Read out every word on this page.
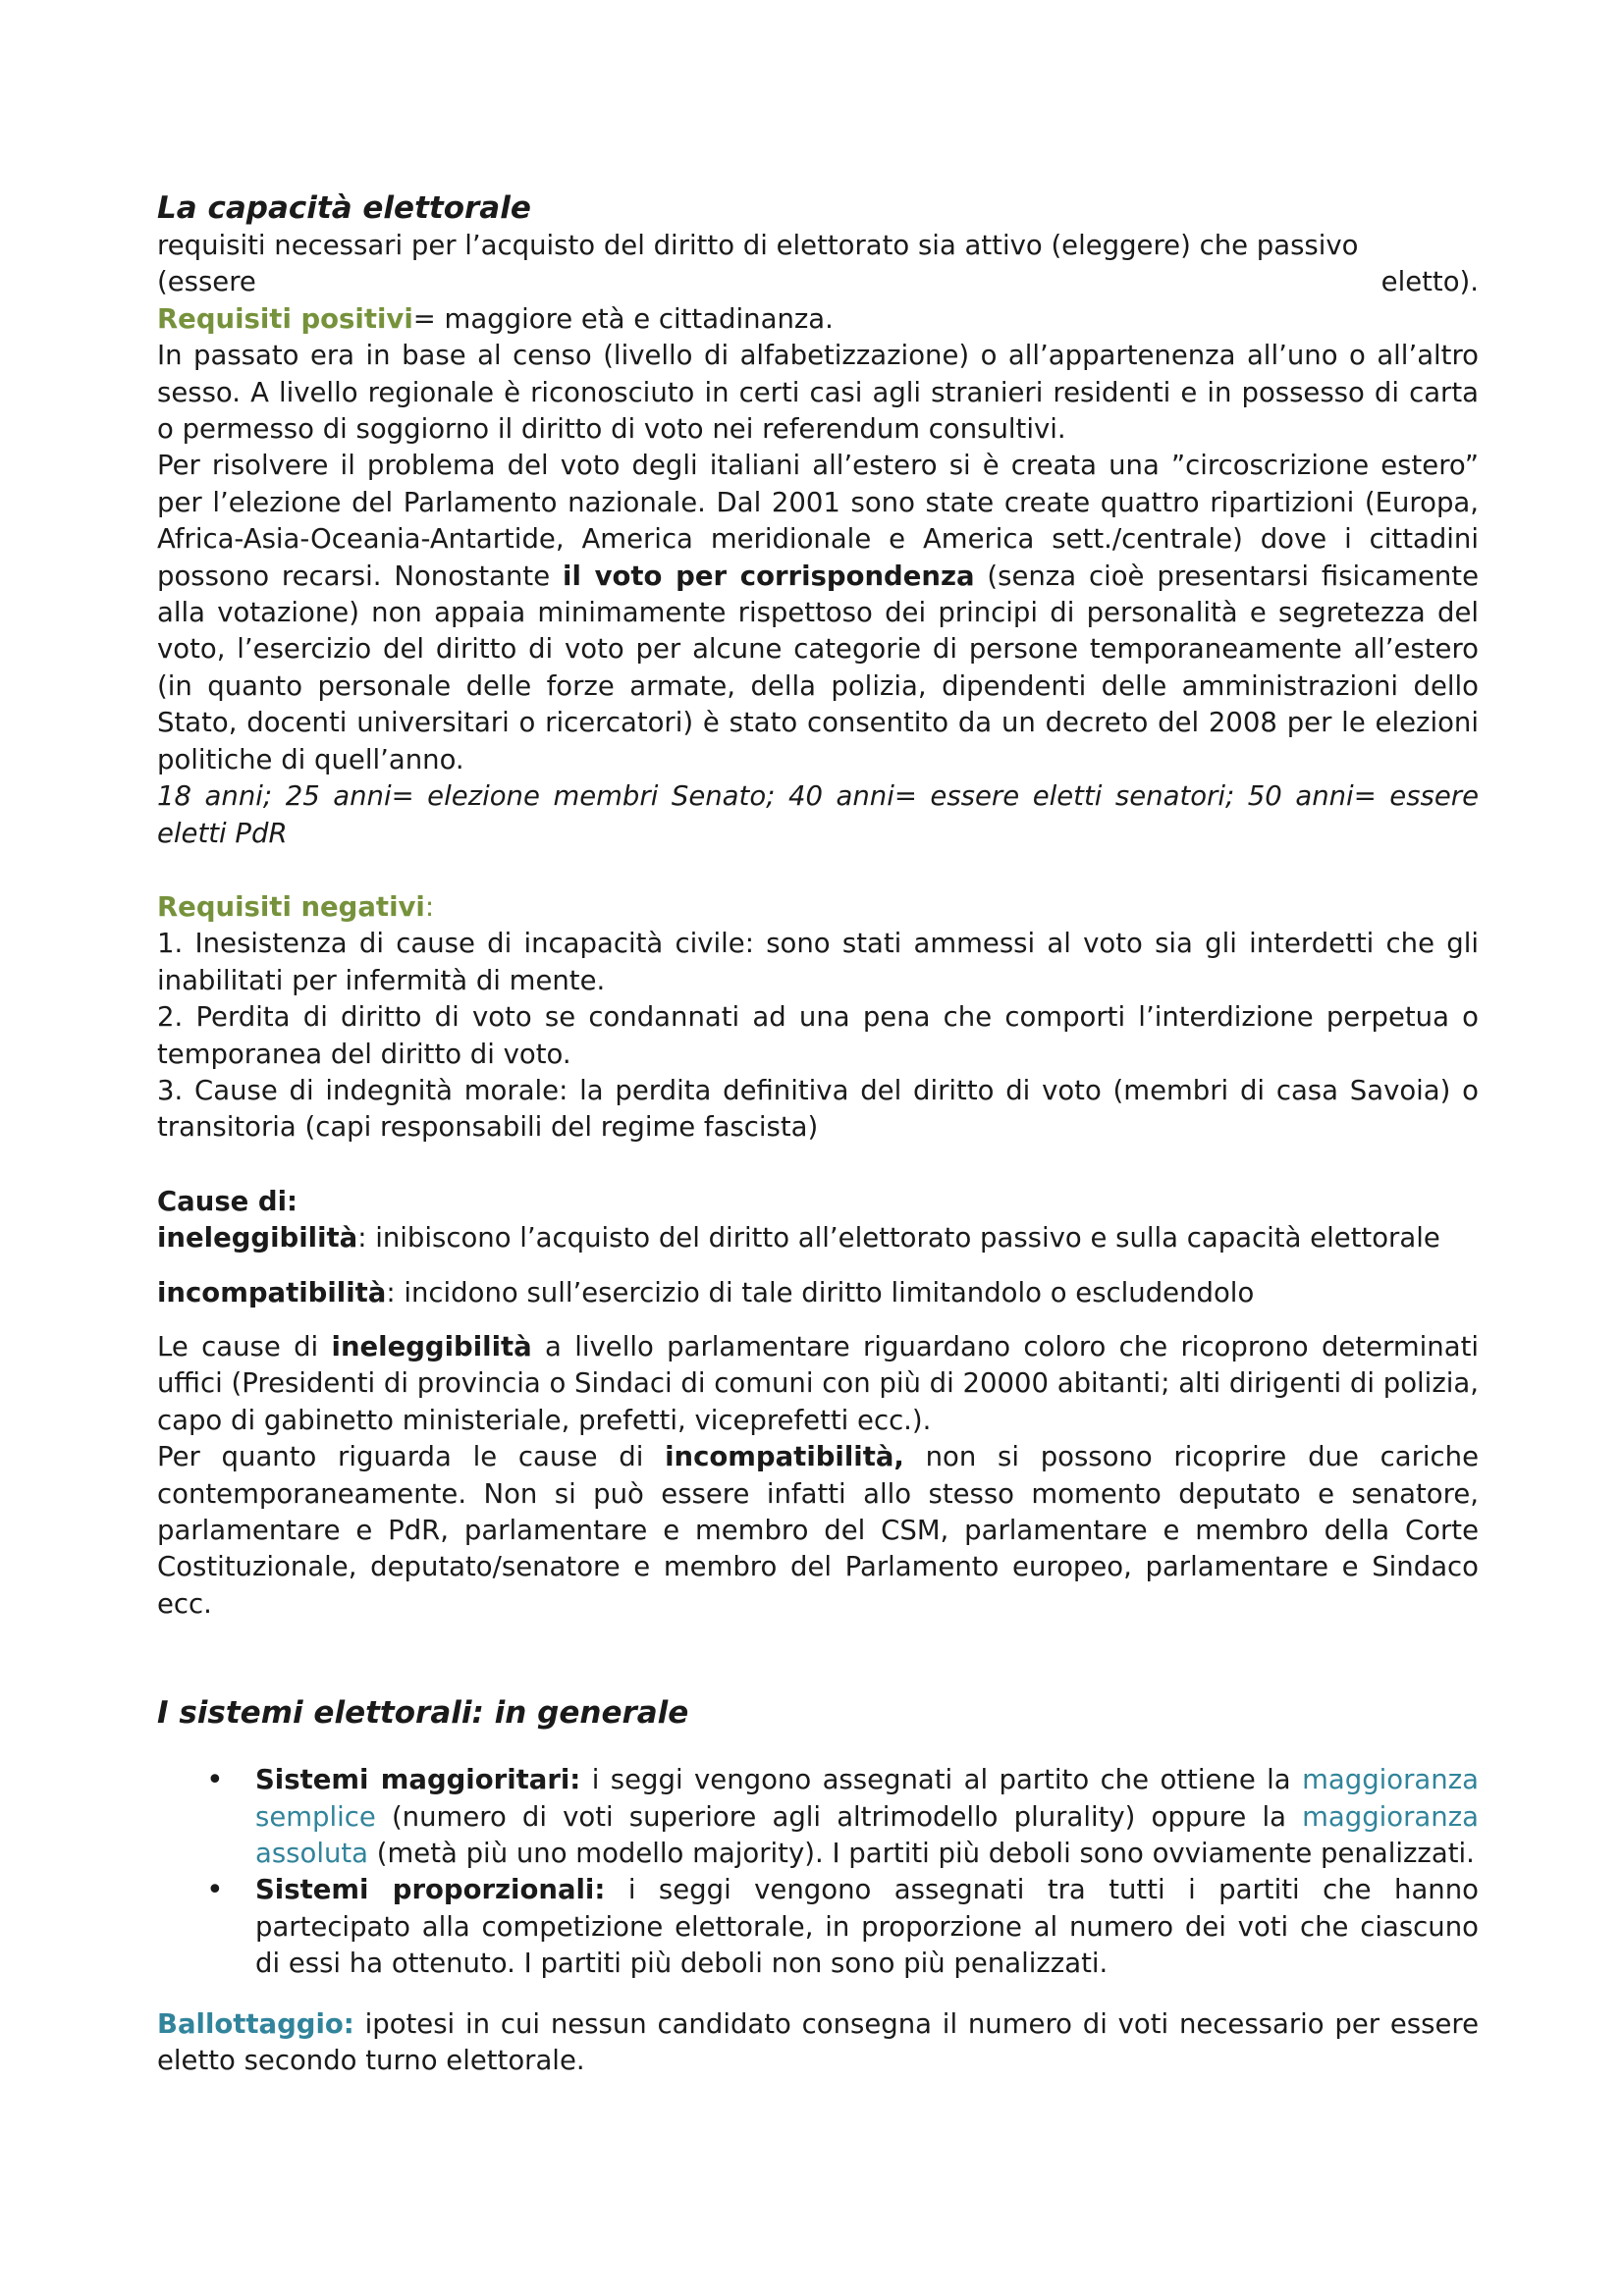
La capacità elettorale

requisiti necessari per l’acquisto del diritto di elettorato sia attivo (eleggere) che passivo

(essere	eletto).

Requisiti positivi= maggiore età e cittadinanza.

In passato era in base al censo (livello di alfabetizzazione) o all’appartenenza all’uno o all’altro sesso. A livello regionale è riconosciuto in certi casi agli stranieri residenti e in possesso di carta o permesso di soggiorno il diritto di voto nei referendum consultivi.

Per risolvere il problema del voto degli italiani all’estero si è creata una ”circoscrizione estero” per l’elezione del Parlamento nazionale. Dal 2001 sono state create quattro ripartizioni (Europa, Africa-Asia-Oceania-Antartide, America meridionale e America sett./centrale) dove i cittadini possono recarsi. Nonostante il voto per corrispondenza (senza cioè presentarsi fisicamente alla votazione) non appaia minimamente rispettoso dei principi di personalità e segretezza del voto, l’esercizio del diritto di voto per alcune categorie di persone temporaneamente all’estero (in quanto personale delle forze armate, della polizia, dipendenti delle amministrazioni dello Stato, docenti universitari o ricercatori) è stato consentito da un decreto del 2008 per le elezioni politiche di quell’anno.

18 anni; 25 anni= elezione membri Senato; 40 anni= essere eletti senatori; 50 anni= essere eletti PdR

Requisiti negativi:

1. Inesistenza di cause di incapacità civile: sono stati ammessi al voto sia gli interdetti che gli inabilitati per infermità di mente.

2. Perdita di diritto di voto se condannati ad una pena che comporti l’interdizione perpetua o temporanea del diritto di voto.

3. Cause di indegnità morale: la perdita definitiva del diritto di voto (membri di casa Savoia) o transitoria (capi responsabili del regime fascista)

Cause di:

ineleggibilità: inibiscono l’acquisto del diritto all’elettorato passivo e sulla capacità elettorale

incompatibilità: incidono sull’esercizio di tale diritto limitandolo o escludendolo

Le cause di ineleggibilità a livello parlamentare riguardano coloro che ricoprono determinati uffici (Presidenti di provincia o Sindaci di comuni con più di 20000 abitanti; alti dirigenti di polizia, capo di gabinetto ministeriale, prefetti, viceprefetti ecc.).

Per quanto riguarda le cause di incompatibilità, non si possono ricoprire due cariche contemporaneamente. Non si può essere infatti allo stesso momento deputato e senatore, parlamentare e PdR, parlamentare e membro del CSM, parlamentare e membro della Corte Costituzionale, deputato/senatore e membro del Parlamento europeo, parlamentare e Sindaco ecc.

I sistemi elettorali: in generale

• Sistemi maggioritari: i seggi vengono assegnati al partito che ottiene la maggioranza semplice (numero di voti superiore agli altrimodello plurality) oppure la maggioranza assoluta (metà più uno modello majority). I partiti più deboli sono ovviamente penalizzati.
• Sistemi proporzionali: i seggi vengono assegnati tra tutti i partiti che hanno partecipato alla competizione elettorale, in proporzione al numero dei voti che ciascuno di essi ha ottenuto. I partiti più deboli non sono più penalizzati.

Ballottaggio: ipotesi in cui nessun candidato consegna il numero di voti necessario per essere eletto secondo turno elettorale.
